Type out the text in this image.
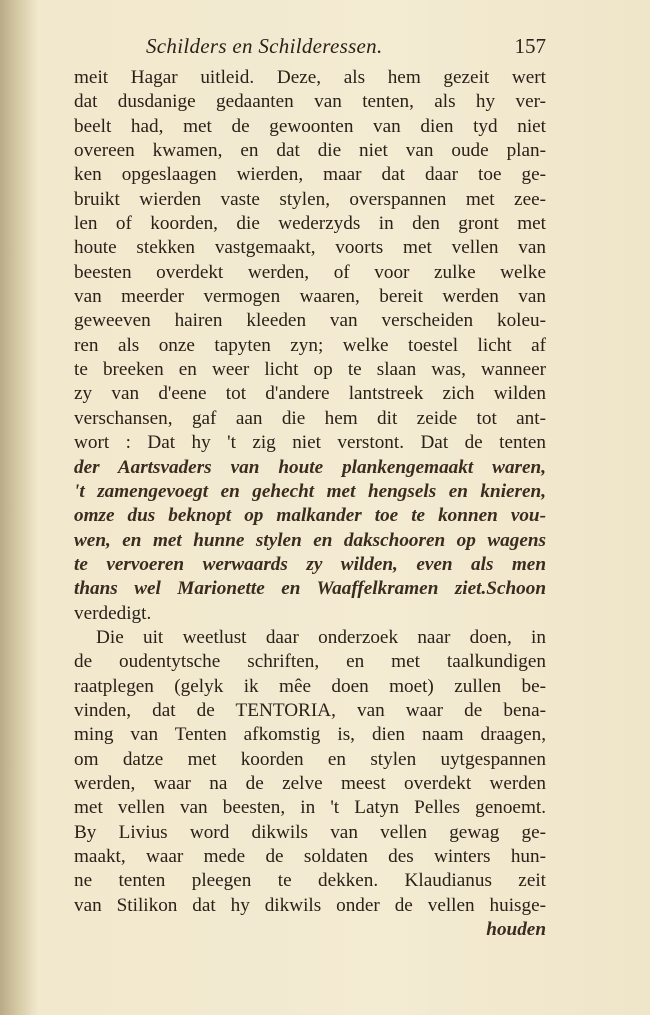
Schilders en Schilderessen.	157
meit Hagar uitleid. Deze, als hem gezeit wert
dat dusdanige gedaanten van tenten, als hy ver-
beelt had, met de gewoonten van dien tyd niet
overeen kwamen, en dat die niet van oude plan-
ken opgeslaagen wierden, maar dat daar toe ge-
bruikt wierden vaste stylen, overspannen met zee-
len of koorden, die wederzyds in den gront met
houte stekken vastgemaakt, voorts met vellen van
beesten overdekt werden, of voor zulke welke
van meerder vermogen waaren, bereit werden van
geweeven hairen kleeden van verscheiden koleu-
ren als onze tapyten zyn; welke toestel licht af
te breeken en weer licht op te slaan was, wanneer
zy van d'eene tot d'andere lantstreek zich wilden
verschansen, gaf aan die hem dit zeide tot ant-
wort : Dat hy 't zig niet verstont. Dat de tenten
der Aartsvaders van houte plankengemaakt waren,
't zamengevoegt en gehecht met hengsels en knieren,
omze dus beknopt op malkander toe te konnen vou-
wen, en met hunne stylen en dakschooren op wagens
te vervoeren werwaards zy wilden, even als men
thans wel Marionette en Waaffelkramen ziet.Schoon
verdedigt.
Die uit weetlust daar onderzoek naar doen, in
de oudentytsche schriften, en met taalkundigen
raatplegen (gelyk ik mêe doen moet) zullen be-
vinden, dat de TENTORIA, van waar de bena-
ming van Tenten afkomstig is, dien naam draagen,
om datze met koorden en stylen uytgespannen
werden, waar na de zelve meest overdekt werden
met vellen van beesten, in 't Latyn Pelles genoemt.
By Livius word dikwils van vellen gewag ge-
maakt, waar mede de soldaten des winters hun-
ne tenten pleegen te dekken. Klaudianus zeit
van Stilikon dat hy dikwils onder de vellen huisge-
houden
